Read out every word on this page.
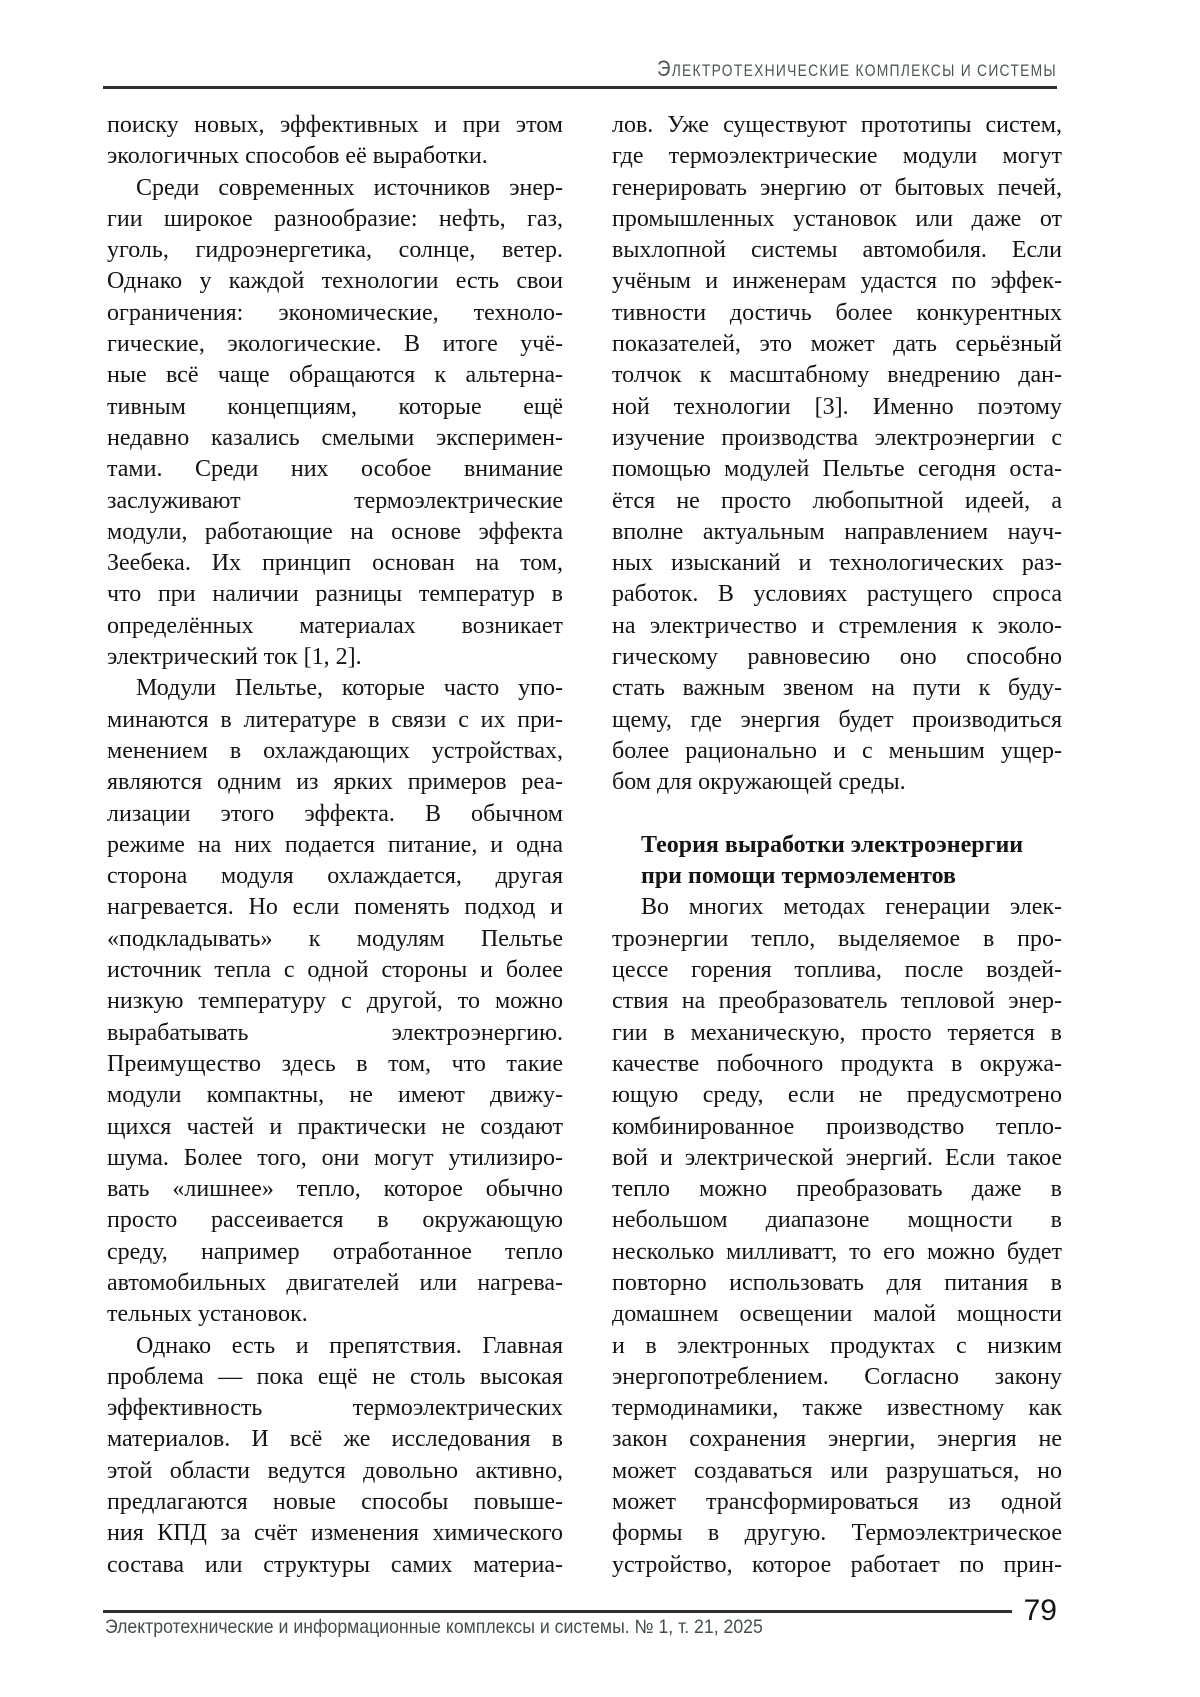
ЭЛЕКТРОТЕХНИЧЕСКИЕ КОМПЛЕКСЫ И СИСТЕМЫ
поиску новых, эффективных и при этом
экологичных способов её выработки.
Среди современных источников энер-
гии широкое разнообразие: нефть, газ,
уголь, гидроэнергетика, солнце, ветер.
Однако у каждой технологии есть свои
ограничения: экономические, техноло-
гические, экологические. В итоге учё-
ные всё чаще обращаются к альтерна-
тивным концепциям, которые ещё
недавно казались смелыми эксперимен-
тами. Среди них особое внимание
заслуживают термоэлектрические
модули, работающие на основе эффекта
Зеебека. Их принцип основан на том,
что при наличии разницы температур в
определённых материалах возникает
электрический ток [1, 2].
Модули Пельтье, которые часто упо-
минаются в литературе в связи с их при-
менением в охлаждающих устройствах,
являются одним из ярких примеров реа-
лизации этого эффекта. В обычном
режиме на них подается питание, и одна
сторона модуля охлаждается, другая
нагревается. Но если поменять подход и
«подкладывать» к модулям Пельтье
источник тепла с одной стороны и более
низкую температуру с другой, то можно
вырабатывать электроэнергию.
Преимущество здесь в том, что такие
модули компактны, не имеют движу-
щихся частей и практически не создают
шума. Более того, они могут утилизиро-
вать «лишнее» тепло, которое обычно
просто рассеивается в окружающую
среду, например отработанное тепло
автомобильных двигателей или нагрева-
тельных установок.
Однако есть и препятствия. Главная
проблема — пока ещё не столь высокая
эффективность термоэлектрических
материалов. И всё же исследования в
этой области ведутся довольно активно,
предлагаются новые способы повыше-
ния КПД за счёт изменения химического
состава или структуры самих материа-
лов. Уже существуют прототипы систем,
где термоэлектрические модули могут
генерировать энергию от бытовых печей,
промышленных установок или даже от
выхлопной системы автомобиля. Если
учёным и инженерам удастся по эффек-
тивности достичь более конкурентных
показателей, это может дать серьёзный
толчок к масштабному внедрению дан-
ной технологии [3]. Именно поэтому
изучение производства электроэнергии с
помощью модулей Пельтье сегодня оста-
ётся не просто любопытной идеей, а
вполне актуальным направлением науч-
ных изысканий и технологических раз-
работок. В условиях растущего спроса
на электричество и стремления к эколо-
гическому равновесию оно способно
стать важным звеном на пути к буду-
щему, где энергия будет производиться
более рационально и с меньшим ущер-
бом для окружающей среды.
Теория выработки электроэнергии
при помощи термоэлементов
Во многих методах генерации элек-
троэнергии тепло, выделяемое в про-
цессе горения топлива, после воздей-
ствия на преобразователь тепловой энер-
гии в механическую, просто теряется в
качестве побочного продукта в окружа-
ющую среду, если не предусмотрено
комбинированное производство тепло-
вой и электрической энергий. Если такое
тепло можно преобразовать даже в
небольшом диапазоне мощности в
несколько милливатт, то его можно будет
повторно использовать для питания в
домашнем освещении малой мощности
и в электронных продуктах с низким
энергопотреблением. Согласно закону
термодинамики, также известному как
закон сохранения энергии, энергия не
может создаваться или разрушаться, но
может трансформироваться из одной
формы в другую. Термоэлектрическое
устройство, которое работает по прин-
79
Электротехнические и информационные комплексы и системы. № 1, т. 21, 2025
